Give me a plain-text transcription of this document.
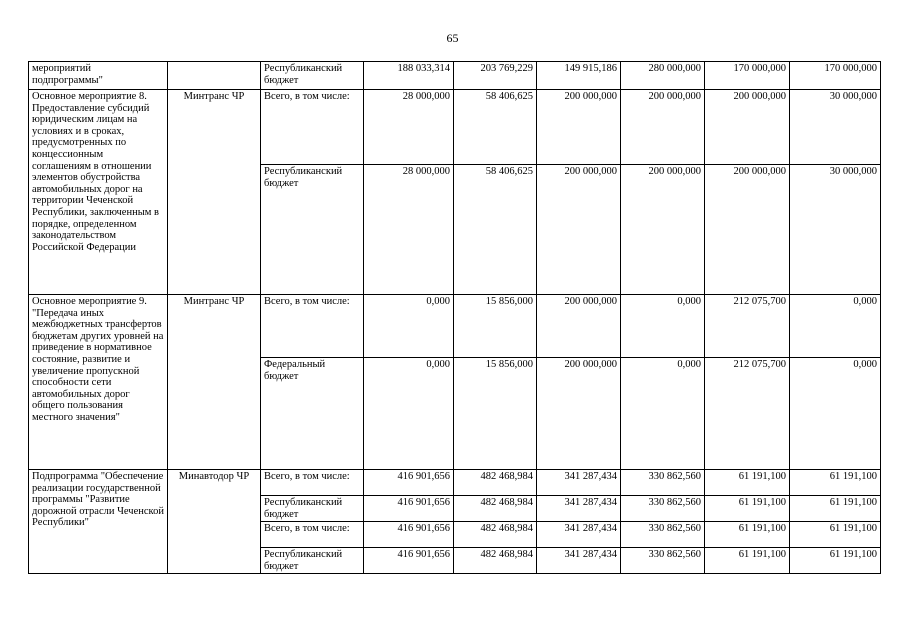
65
мероприятий подпрограммы"		Республиканский бюджет	188 033,314	203 769,229	149 915,186	280 000,000	170 000,000	170 000,000
Основное мероприятие 8. Предоставление субсидий юридическим лицам на условиях и в сроках, предусмотренных по концессионным соглашениям в отношении элементов обустройства автомобильных дорог на территории Чеченской Республики, заключенным в порядке, определенном законодательством Российской Федерации	Минтранс ЧР	Всего, в том числе:	28 000,000	58 406,625	200 000,000	200 000,000	200 000,000	30 000,000
		Республиканский бюджет	28 000,000	58 406,625	200 000,000	200 000,000	200 000,000	30 000,000
Основное мероприятие 9. "Передача иных межбюджетных трансфертов бюджетам других уровней на приведение в нормативное состояние, развитие и увеличение пропускной способности сети автомобильных дорог общего пользования местного значения"	Минтранс ЧР	Всего, в том числе:	0,000	15 856,000	200 000,000	0,000	212 075,700	0,000
		Федеральный бюджет	0,000	15 856,000	200 000,000	0,000	212 075,700	0,000
Подпрограмма "Обеспечение реализации государственной программы "Развитие дорожной отрасли Чеченской Республики"	Минавтодор ЧР	Всего, в том числе:	416 901,656	482 468,984	341 287,434	330 862,560	61 191,100	61 191,100
		Республиканский бюджет	416 901,656	482 468,984	341 287,434	330 862,560	61 191,100	61 191,100
		Всего, в том числе:	416 901,656	482 468,984	341 287,434	330 862,560	61 191,100	61 191,100
		Республиканский бюджет	416 901,656	482 468,984	341 287,434	330 862,560	61 191,100	61 191,100
